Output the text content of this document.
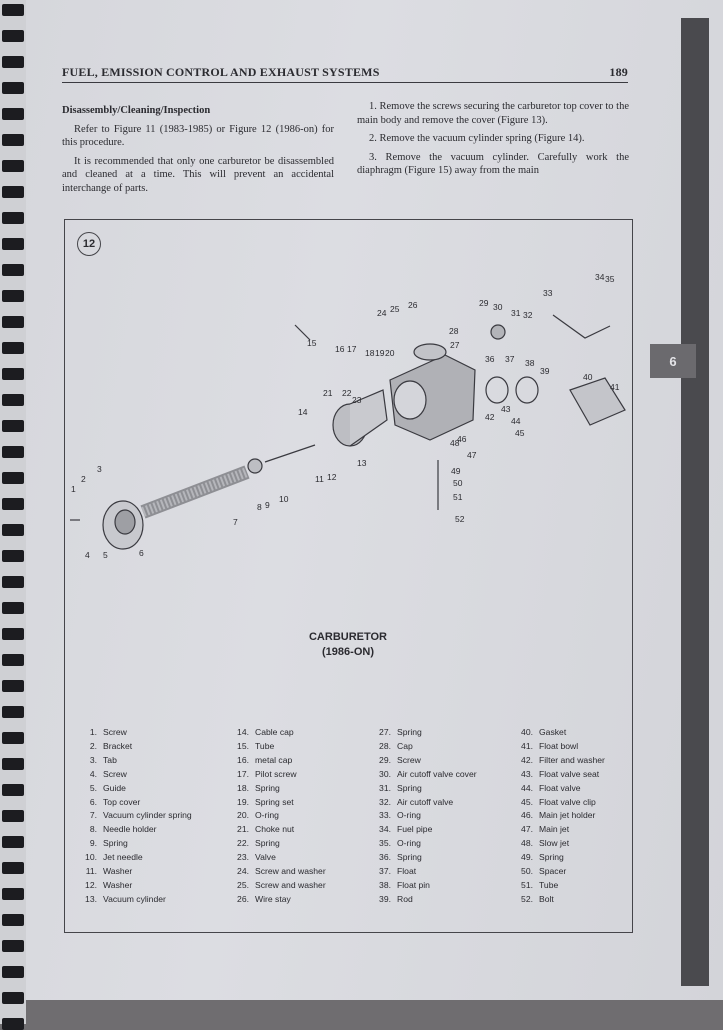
6
FUEL, EMISSION CONTROL AND EXHAUST SYSTEMS	189
Disassembly/Cleaning/Inspection

Refer to Figure 11 (1983-1985) or Figure 12 (1986-on) for this procedure.

It is recommended that only one carburetor be disassembled and cleaned at a time. This will prevent an accidental interchange of parts.

1. Remove the screws securing the carburetor top cover to the main body and remove the cover (Figure 13).

2. Remove the vacuum cylinder spring (Figure 14).

3. Remove the vacuum cylinder. Carefully work the diaphragm (Figure 15) away from the main

12
1
2
3
4 5	6
7
8 9
10
11 12
13
14
15
16 17 18 19 20
21 22
23
24 25 26
27
28
29 30
31 32
33
34 35
36 37 38
39
40
41
42
43
44
45
46
47
48
49
50
51
52
CARBURETOR
(1986-ON)
1. Screw	14. Cable cap	27. Spring	40. Gasket
2. Bracket	15. Tube	28. Cap	41. Float bowl
3. Tab	16. metal cap	29. Screw	42. Filter and washer
4. Screw	17. Pilot screw	30. Air cutoff valve cover	43. Float valve seat
5. Guide	18. Spring	31. Spring	44. Float valve
6. Top cover	19. Spring set	32. Air cutoff valve	45. Float valve clip
7. Vacuum cylinder spring	20. O-ring	33. O-ring	46. Main jet holder
8. Needle holder	21. Choke nut	34. Fuel pipe	47. Main jet
9. Spring	22. Spring	35. O-ring	48. Slow jet
10. Jet needle	23. Valve	36. Spring	49. Spring
11. Washer	24. Screw and washer	37. Float	50. Spacer
12. Washer	25. Screw and washer	38. Float pin	51. Tube
13. Vacuum cylinder	26. Wire stay	39. Rod	52. Bolt
